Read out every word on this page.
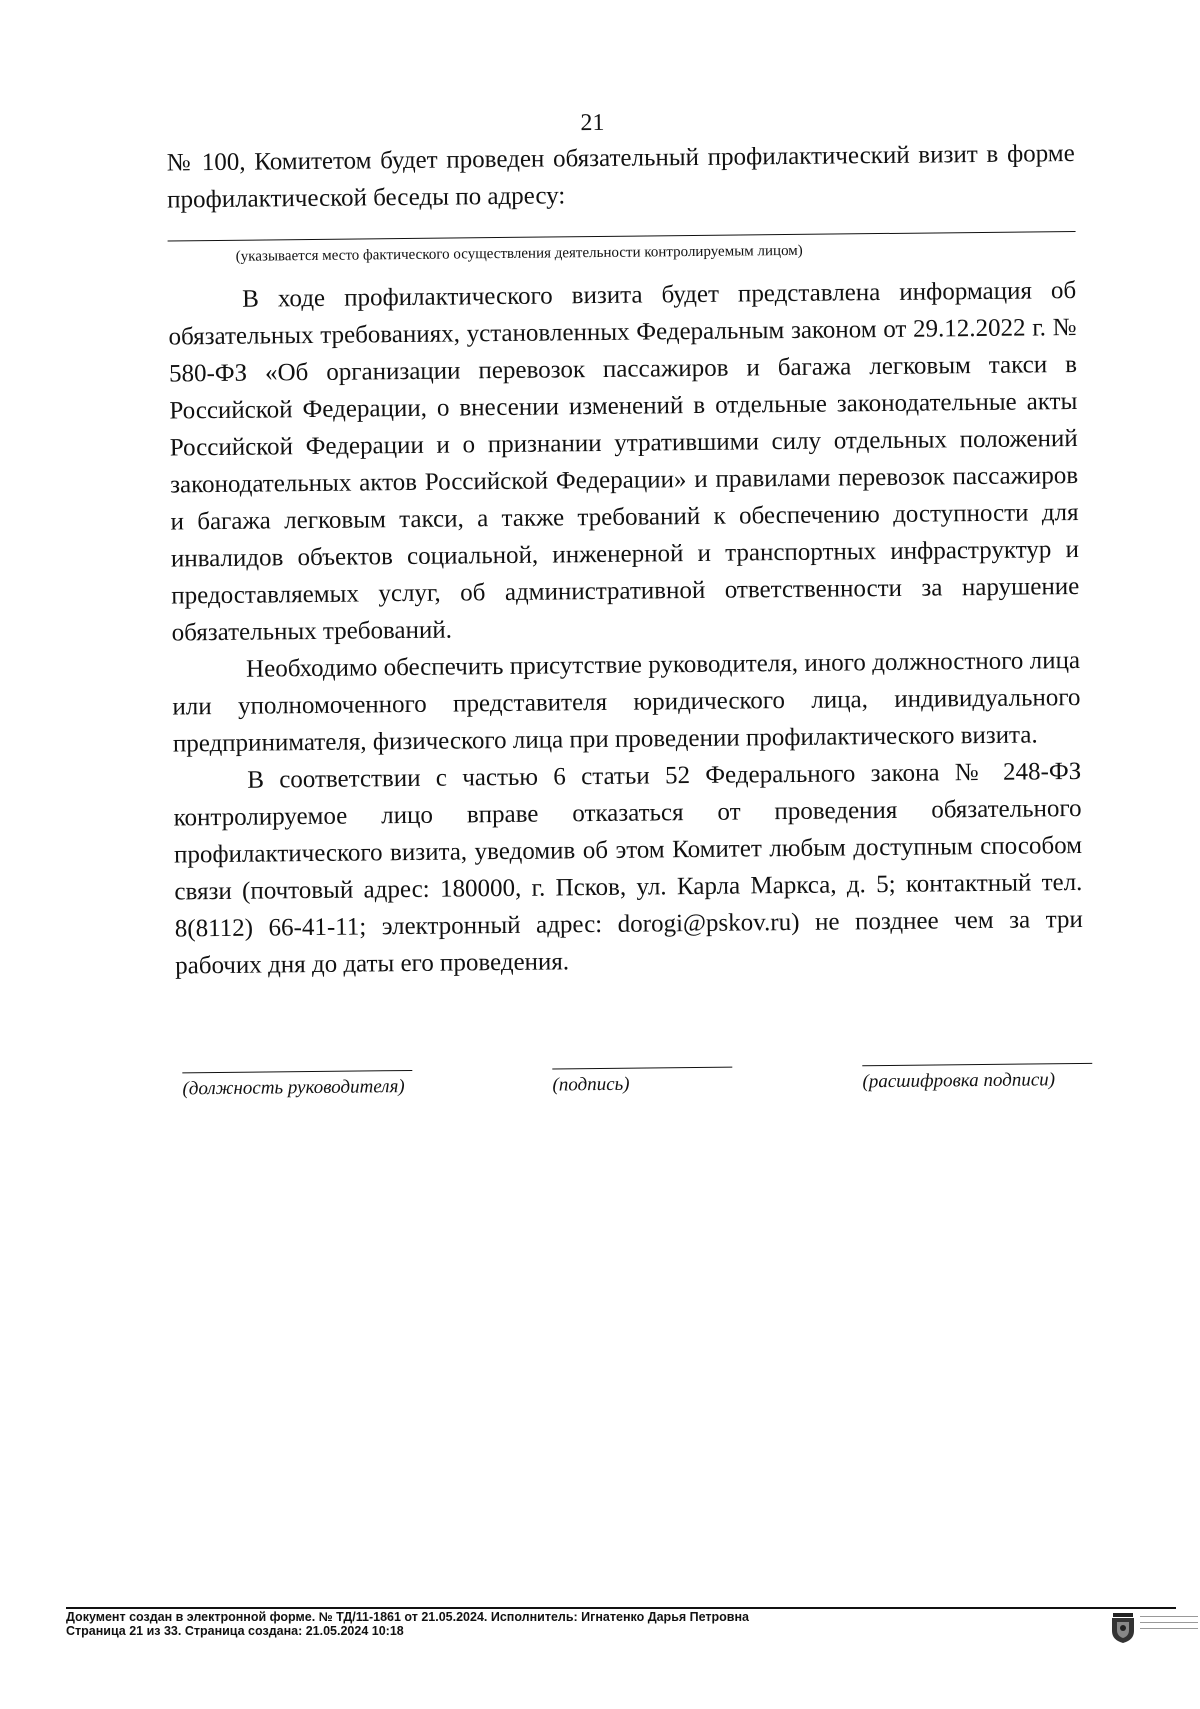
21

№ 100, Комитетом будет проведен обязательный профилактический визит в форме профилактической беседы по адресу:

(указывается место фактического осуществления деятельности контролируемым лицом)

В ходе профилактического визита будет представлена информация об обязательных требованиях, установленных Федеральным законом от 29.12.2022 г. № 580-ФЗ «Об организации перевозок пассажиров и багажа легковым такси в Российской Федерации, о внесении изменений в отдельные законодательные акты Российской Федерации и о признании утратившими силу отдельных положений законодательных актов Российской Федерации» и правилами перевозок пассажиров и багажа легковым такси, а также требований к обеспечению доступности для инвалидов объектов социальной, инженерной и транспортных инфраструктур и предоставляемых услуг, об административной ответственности за нарушение обязательных требований.

Необходимо обеспечить присутствие руководителя, иного должностного лица или уполномоченного представителя юридического лица, индивидуального предпринимателя, физического лица при проведении профилактического визита.

В соответствии с частью 6 статьи 52 Федерального закона № 248-ФЗ контролируемое лицо вправе отказаться от проведения обязательного профилактического визита, уведомив об этом Комитет любым доступным способом связи (почтовый адрес: 180000, г. Псков, ул. Карла Маркса, д. 5; контактный тел. 8(8112) 66-41-11; электронный адрес: dorogi@pskov.ru) не позднее чем за три рабочих дня до даты его проведения.

(должность руководителя)	(подпись)	(расшифровка подписи)
Документ создан в электронной форме. № ТД/11-1861 от 21.05.2024. Исполнитель: Игнатенко Дарья Петровна
Страница 21 из 33. Страница создана: 21.05.2024 10:18
